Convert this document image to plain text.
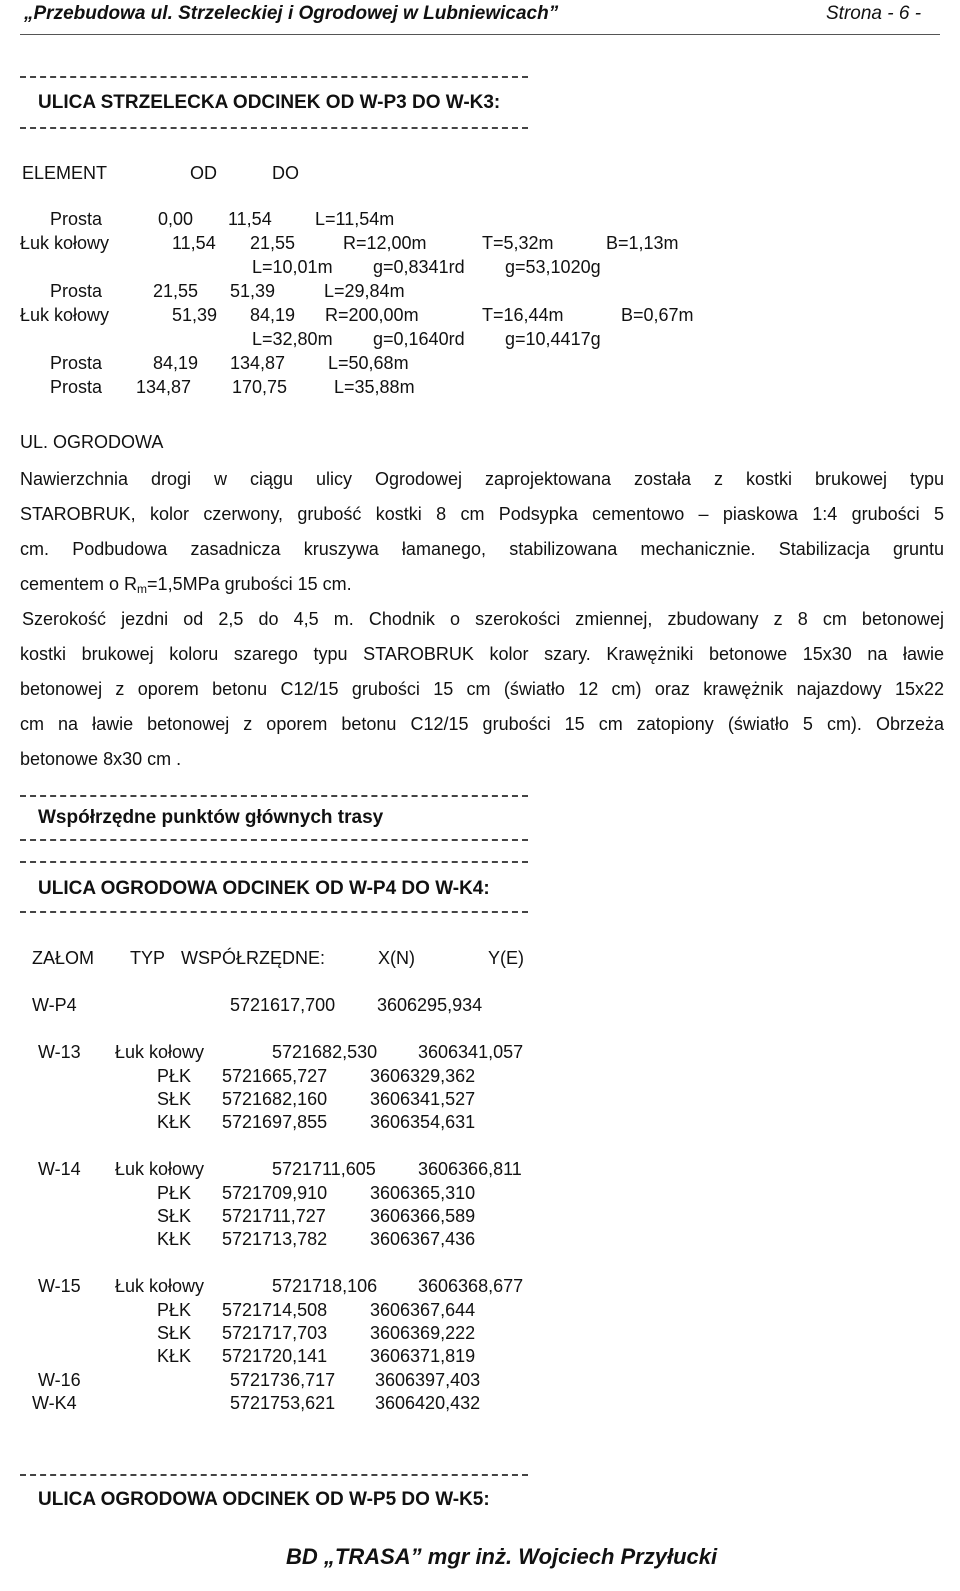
„Przebudowa ul. Strzeleckiej i Ogrodowej w Lubniewicach”	Strona - 6 -
ULICA STRZELECKA ODCINEK OD W-P3 DO W-K3:
ELEMENT	OD	DO
Prosta	0,00 11,54 L=11,54m
Łuk kołowy	11,54 21,55	R=12,00m	T=5,32m	B=1,13m
L=10,01m g=0,8341rd g=53,1020g
Prosta	21,55 51,39	L=29,84m
Łuk kołowy	51,39 84,19 R=200,00m	T=16,44m	B=0,67m
L=32,80m g=0,1640rd g=10,4417g
Prosta	84,19 134,87 L=50,68m
Prosta 134,87 170,75	L=35,88m
UL. OGRODOWA
Nawierzchnia drogi w ciągu ulicy Ogrodowej zaprojektowana została z kostki brukowej typu
STAROBRUK, kolor czerwony, grubość kostki 8 cm Podsypka cementowo – piaskowa 1:4 grubości 5
cm. Podbudowa zasadnicza kruszywa łamanego, stabilizowana mechanicznie. Stabilizacja gruntu
cementem o $R_m=1,5MPa$ grubości 15 cm.
Szerokość jezdni od 2,5 do 4,5 m. Chodnik o szerokości zmiennej, zbudowany z 8 cm betonowej
kostki brukowej koloru szarego typu STAROBRUK kolor szary. Krawężniki betonowe 15x30 na ławie
betonowej z oporem betonu C12/15 grubości 15 cm (światło 12 cm) oraz krawężnik najazdowy 15x22
cm na ławie betonowej z oporem betonu C12/15 grubości 15 cm zatopiony (światło 5 cm). Obrzeża
betonowe 8x30 cm .
Współrzędne punktów głównych trasy
ULICA OGRODOWA ODCINEK OD W-P4 DO W-K4:
ZAŁOM TYP WSPÓŁRZĘDNE:	X(N)	Y(E)
W-P4	5721617,700 3606295,934
W-13 Łuk kołowy	5721682,530 3606341,057
PŁK 5721665,727 3606329,362
SŁK 5721682,160 3606341,527
KŁK 5721697,855 3606354,631
W-14 Łuk kołowy	5721711,605 3606366,811
PŁK 5721709,910 3606365,310
SŁK 5721711,727 3606366,589
KŁK 5721713,782 3606367,436
W-15 Łuk kołowy	5721718,106 3606368,677
PŁK 5721714,508 3606367,644
SŁK 5721717,703 3606369,222
KŁK 5721720,141 3606371,819
W-16	5721736,717 3606397,403
W-K4	5721753,621 3606420,432
ULICA OGRODOWA ODCINEK OD W-P5 DO W-K5:
BD „TRASA” mgr inż. Wojciech Przyłucki
